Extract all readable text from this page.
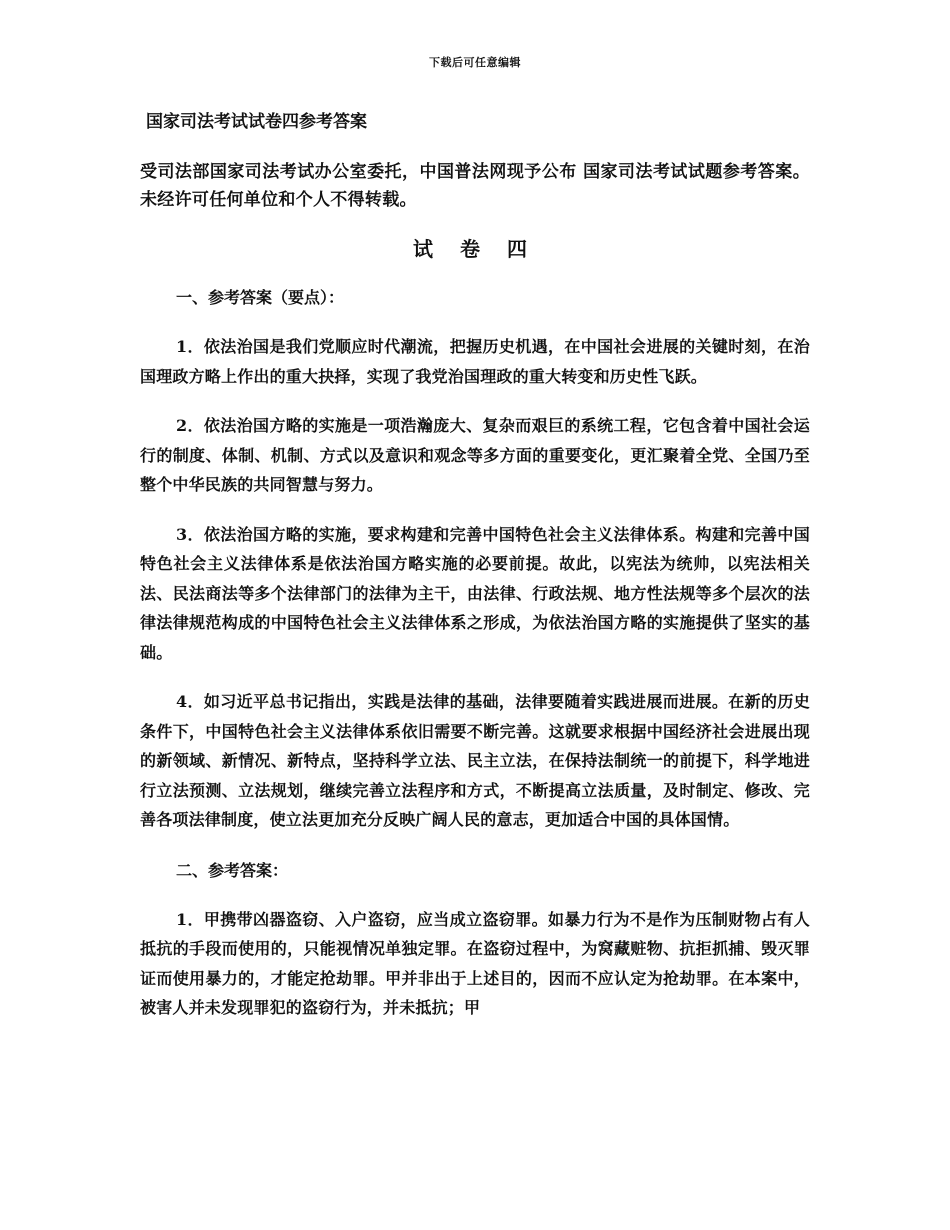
下载后可任意编辑
国家司法考试试卷四参考答案
受司法部国家司法考试办公室委托，中国普法网现予公布 国家司法考试试题参考答案。未经许可任何单位和个人不得转载。
试 卷 四
一、参考答案（要点）：

1．依法治国是我们党顺应时代潮流，把握历史机遇，在中国社会进展的关键时刻，在治国理政方略上作出的重大抉择，实现了我党治国理政的重大转变和历史性飞跃。

2．依法治国方略的实施是一项浩瀚庞大、复杂而艰巨的系统工程，它包含着中国社会运行的制度、体制、机制、方式以及意识和观念等多方面的重要变化，更汇聚着全党、全国乃至整个中华民族的共同智慧与努力。

3．依法治国方略的实施，要求构建和完善中国特色社会主义法律体系。构建和完善中国特色社会主义法律体系是依法治国方略实施的必要前提。故此，以宪法为统帅，以宪法相关法、民法商法等多个法律部门的法律为主干，由法律、行政法规、地方性法规等多个层次的法律法律规范构成的中国特色社会主义法律体系之形成，为依法治国方略的实施提供了坚实的基础。

4．如习近平总书记指出，实践是法律的基础，法律要随着实践进展而进展。在新的历史条件下，中国特色社会主义法律体系依旧需要不断完善。这就要求根据中国经济社会进展出现的新领域、新情况、新特点，坚持科学立法、民主立法，在保持法制统一的前提下，科学地进行立法预测、立法规划，继续完善立法程序和方式，不断提高立法质量，及时制定、修改、完善各项法律制度，使立法更加充分反映广阔人民的意志，更加适合中国的具体国情。

二、参考答案：

1．甲携带凶器盗窃、入户盗窃，应当成立盗窃罪。如暴力行为不是作为压制财物占有人抵抗的手段而使用的，只能视情况单独定罪。在盗窃过程中，为窝藏赃物、抗拒抓捕、毁灭罪证而使用暴力的，才能定抢劫罪。甲并非出于上述目的，因而不应认定为抢劫罪。在本案中，被害人并未发现罪犯的盗窃行为，并未抵抗；甲
